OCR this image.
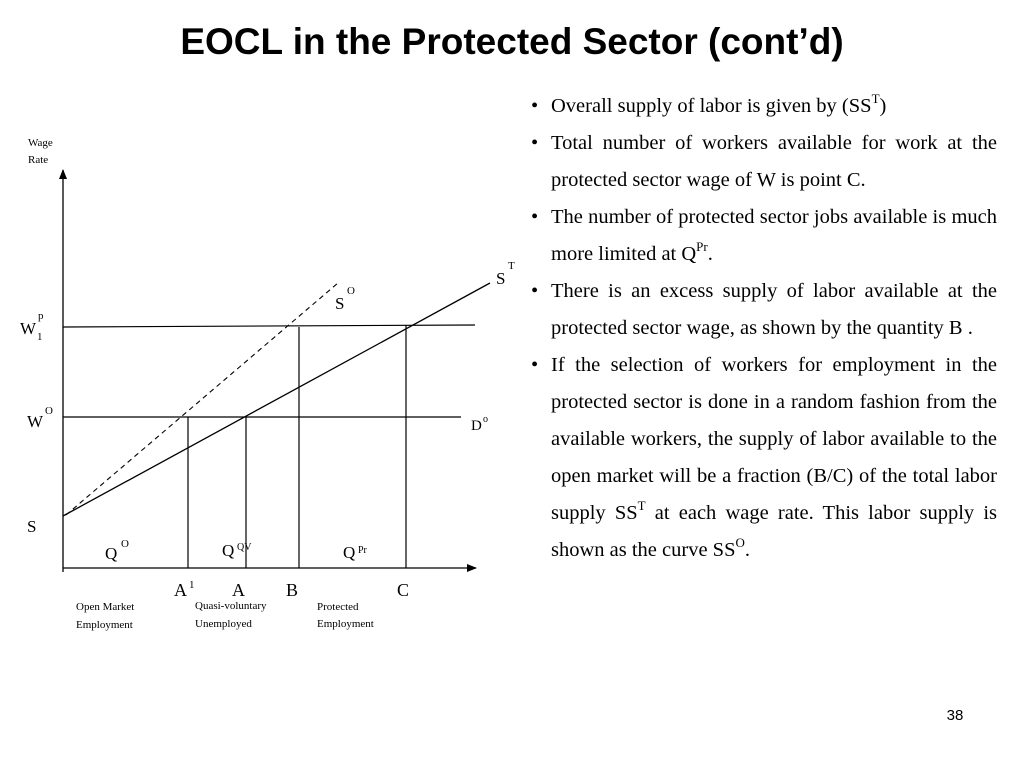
EOCL in the Protected Sector (cont’d)
Wage Rate
W
p
1
W
O
S
S
T
S
O
D o
Q O	Q QV	Q Pr
A 1 A B	C
Open Market Employment
Quasi-voluntary Unemployed
Protected Employment
• Overall supply of labor is given by $(SS^T)$
• Total number of workers available for work at the protected sector wage of W is point C.
• The number of protected sector jobs available is much more limited at $Q^{Pr}$.
• There is an excess supply of labor available at the protected sector wage, as shown by the quantity B .
• If the selection of workers for employment in the protected sector is done in a random fashion from the available workers, the supply of labor available to the open market will be a fraction (B/C) of the total labor supply $SS^T$ at each wage rate. This labor supply is shown as the curve $SS^O$.
38
